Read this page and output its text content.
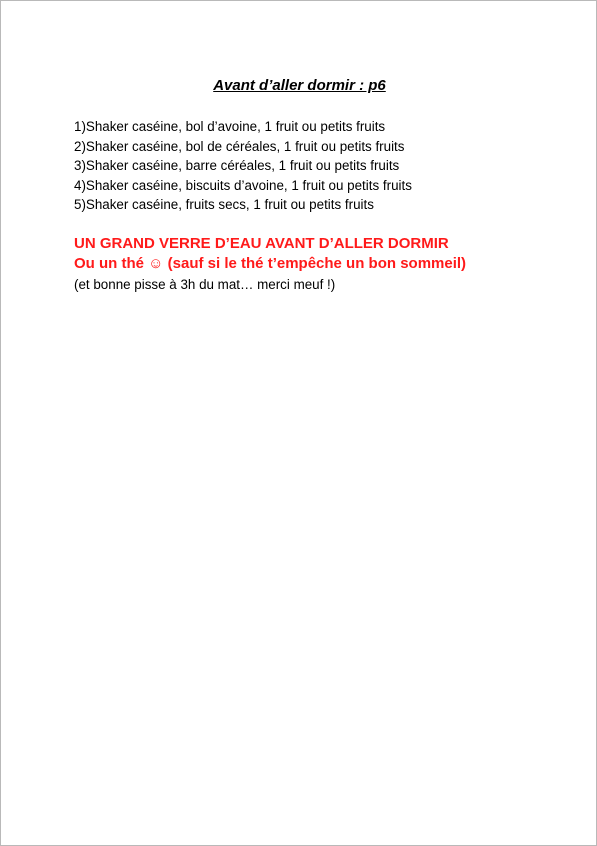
Avant d’aller dormir : p6
1)Shaker caséine, bol d’avoine, 1 fruit ou petits fruits
2)Shaker caséine, bol de céréales, 1 fruit ou petits fruits
3)Shaker caséine, barre céréales, 1 fruit ou petits fruits
4)Shaker caséine, biscuits d’avoine, 1 fruit ou petits fruits
5)Shaker caséine, fruits secs, 1 fruit ou petits fruits
UN GRAND VERRE D’EAU AVANT D’ALLER DORMIR
Ou un thé ☺ (sauf si le thé t’empêche un bon sommeil)
(et bonne pisse à 3h du mat… merci meuf !)
